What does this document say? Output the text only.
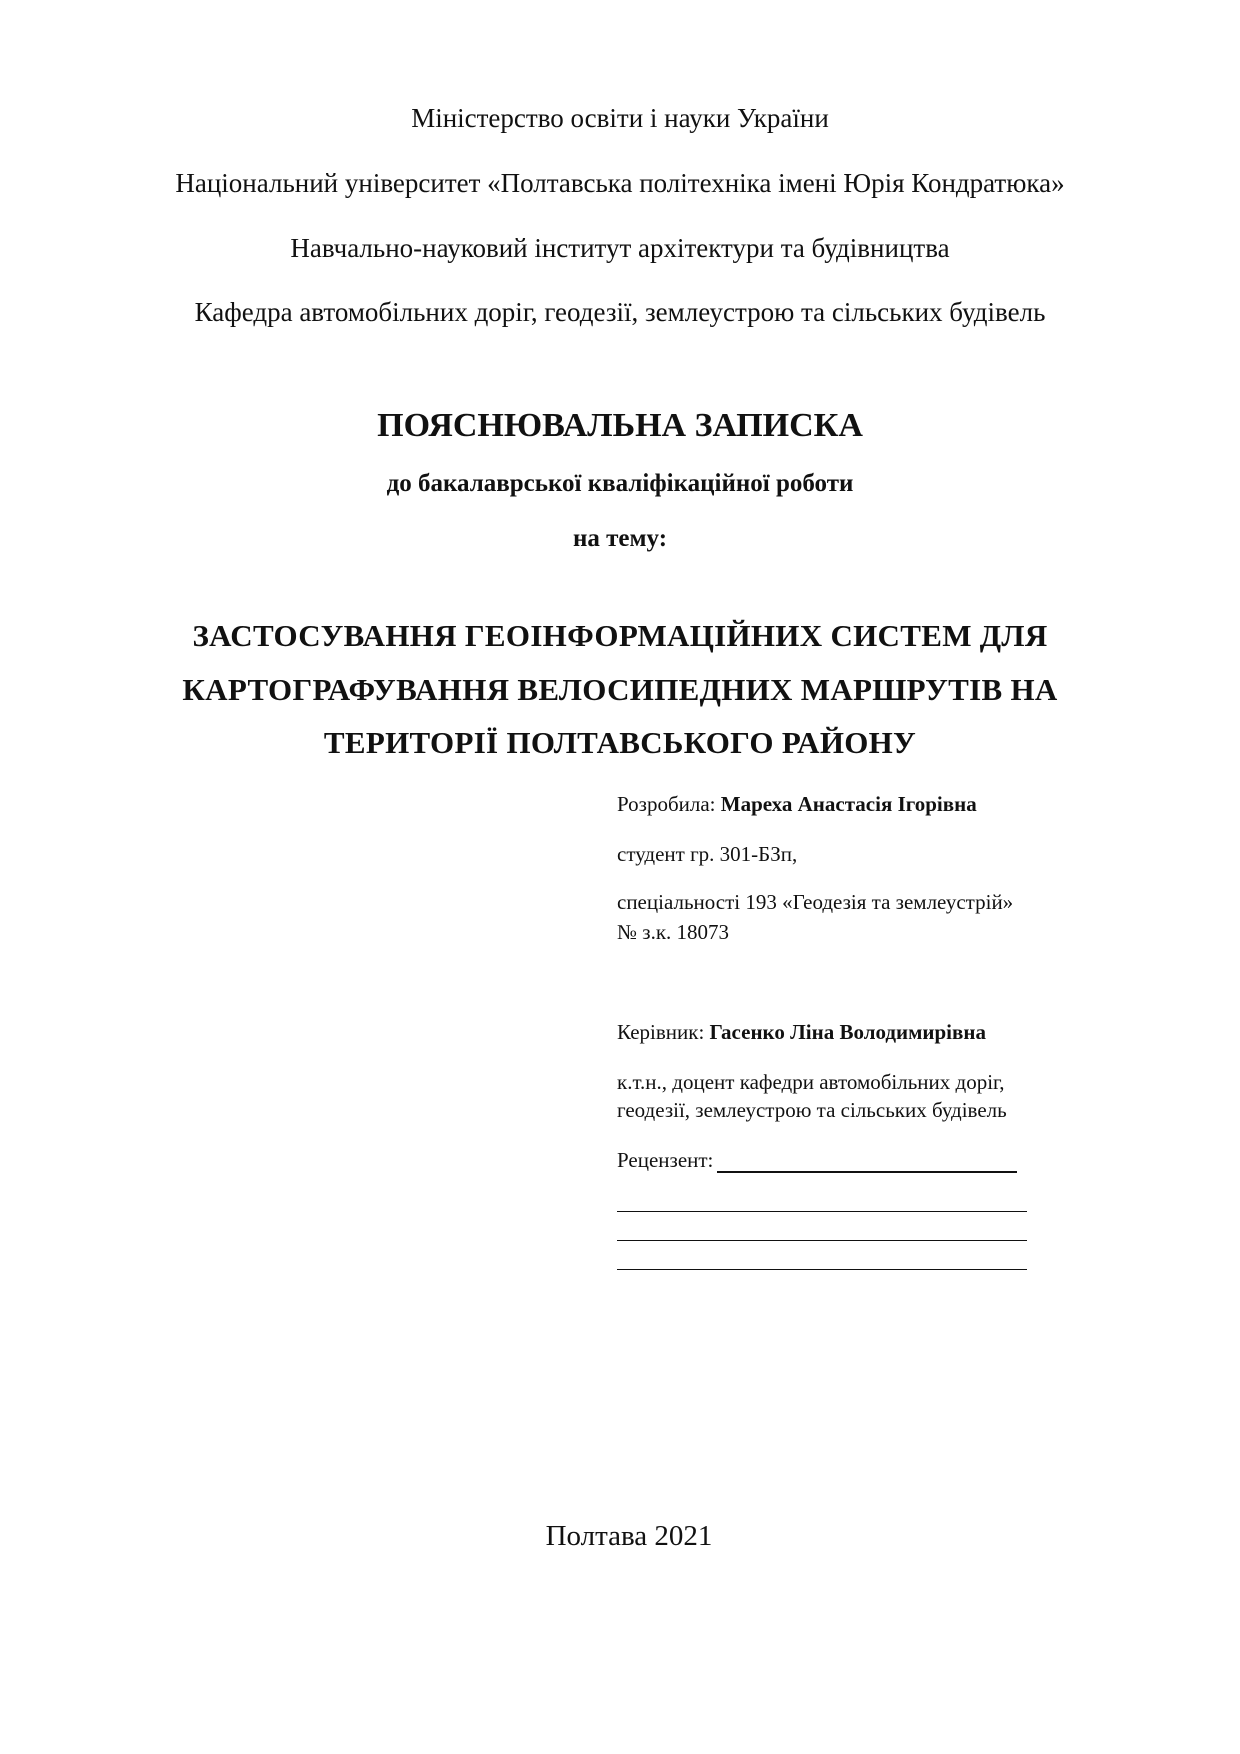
Міністерство освіти і науки України
Національний університет «Полтавська політехніка імені Юрія Кондратюка»
Навчально-науковий інститут архітектури та будівництва
Кафедра автомобільних доріг, геодезії, землеустрою та сільських будівель
ПОЯСНЮВАЛЬНА ЗАПИСКА
до бакалаврської кваліфікаційної роботи
на тему:
ЗАСТОСУВАННЯ ГЕОІНФОРМАЦІЙНИХ СИСТЕМ ДЛЯ
КАРТОГРАФУВАННЯ ВЕЛОСИПЕДНИХ МАРШРУТІВ НА
ТЕРИТОРІЇ ПОЛТАВСЬКОГО РАЙОНУ
Розробила: Мареха Анастасія Ігорівна
студент гр. 301-БЗп,
спеціальності 193 «Геодезія та землеустрій»
№ з.к. 18073
Керівник: Гасенко Ліна Володимирівна
к.т.н., доцент кафедри автомобільних доріг,
геодезії, землеустрою та сільських будівель
Рецензент:
Полтава 2021
